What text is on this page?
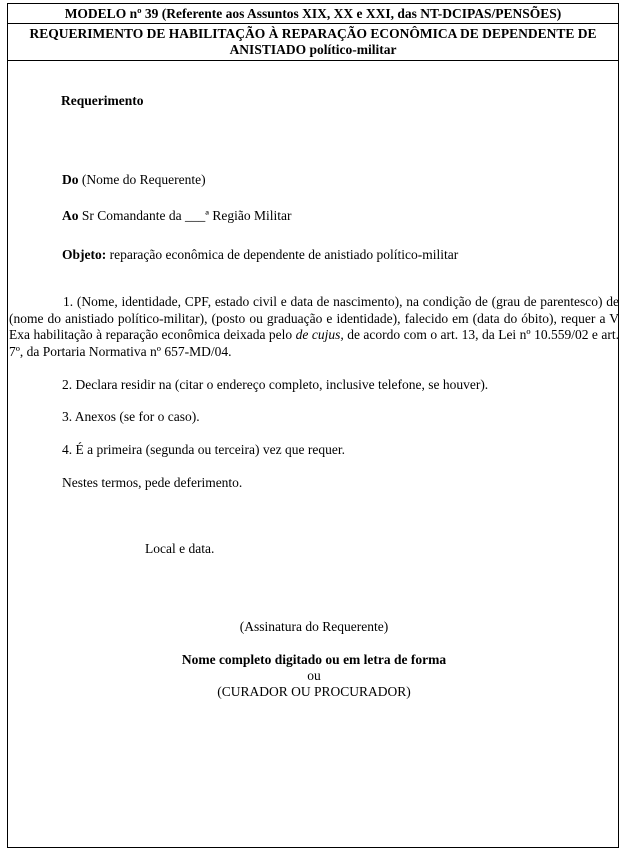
MODELO nº 39 (Referente aos Assuntos XIX, XX e XXI, das NT-DCIPAS/PENSÕES)
REQUERIMENTO DE HABILITAÇÃO À REPARAÇÃO ECONÔMICA DE DEPENDENTE DE
ANISTIADO político-militar
Requerimento
Do (Nome do Requerente)
Ao Sr Comandante da ___ª Região Militar
Objeto: reparação econômica de dependente de anistiado político-militar
1. (Nome, identidade, CPF, estado civil e data de nascimento), na condição de (grau de parentesco) de (nome do anistiado político-militar), (posto ou graduação e identidade), falecido em (data do óbito), requer a V Exa habilitação à reparação econômica deixada pelo de cujus, de acordo com o art. 13, da Lei nº 10.559/02 e art. 7º, da Portaria Normativa nº 657-MD/04.
2. Declara residir na (citar o endereço completo, inclusive telefone, se houver).
3. Anexos (se for o caso).
4. É a primeira (segunda ou terceira) vez que requer.
Nestes termos, pede deferimento.
Local e data.
(Assinatura do Requerente)
Nome completo digitado ou em letra de forma
ou
(CURADOR OU PROCURADOR)
